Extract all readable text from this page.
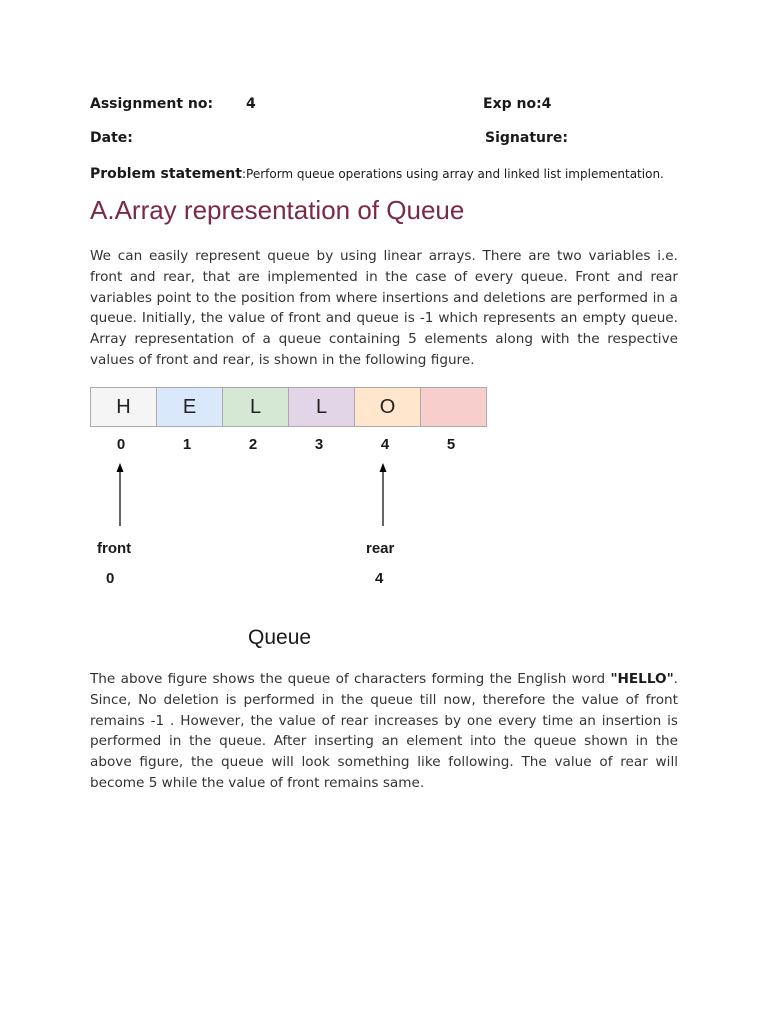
Assignment no: 4	Exp no:4
Date:	Signature:
Problem statement:Perform queue operations using array and linked list implementation.
A.Array representation of Queue
We can easily represent queue by using linear arrays. There are two variables i.e. front and rear, that are implemented in the case of every queue. Front and rear variables point to the position from where insertions and deletions are performed in a queue. Initially, the value of front and queue is -1 which represents an empty queue. Array representation of a queue containing 5 elements along with the respective values of front and rear, is shown in the following figure.
H	E	L	L	O
0	1	2	3	4	5
front
0
rear
4
Queue
The above figure shows the queue of characters forming the English word "HELLO". Since, No deletion is performed in the queue till now, therefore the value of front remains -1 . However, the value of rear increases by one every time an insertion is performed in the queue. After inserting an element into the queue shown in the above figure, the queue will look something like following. The value of rear will become 5 while the value of front remains same.
